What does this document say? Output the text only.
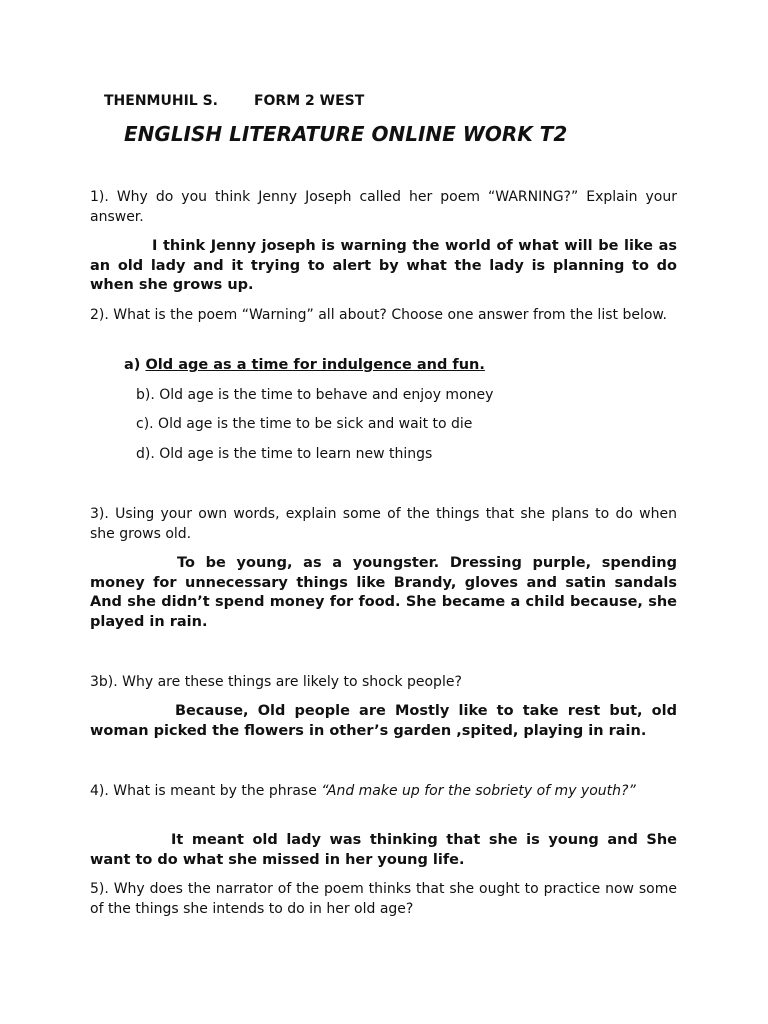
THENMUHIL S.	FORM 2 WEST
ENGLISH LITERATURE ONLINE WORK T2
1). Why do you think Jenny Joseph called her poem “WARNING?” Explain your answer.
I think Jenny joseph is warning the world of what will be like as an old lady and it trying to alert by what the lady is planning to do when she grows up.
2). What is the poem “Warning” all about? Choose one answer from the list below.
a) Old age as a time for indulgence and fun.
b). Old age is the time to behave and enjoy money
c). Old age is the time to be sick and wait to die
d). Old age is the time to learn new things
3). Using your own words, explain some of the things that she plans to do when she grows old.
To be young, as a youngster. Dressing purple, spending money for unnecessary things like Brandy, gloves and satin sandals And she didn’t spend money for food. She became a child because, she played in rain.
3b). Why are these things are likely to shock people?
Because, Old people are Mostly like to take rest but, old woman picked the flowers in other’s garden ,spited, playing in rain.
4). What is meant by the phrase “And make up for the sobriety of my youth?”
It meant old lady was thinking that she is young and She want to do what she missed in her young life.
5). Why does the narrator of the poem thinks that she ought to practice now some of the things she intends to do in her old age?
